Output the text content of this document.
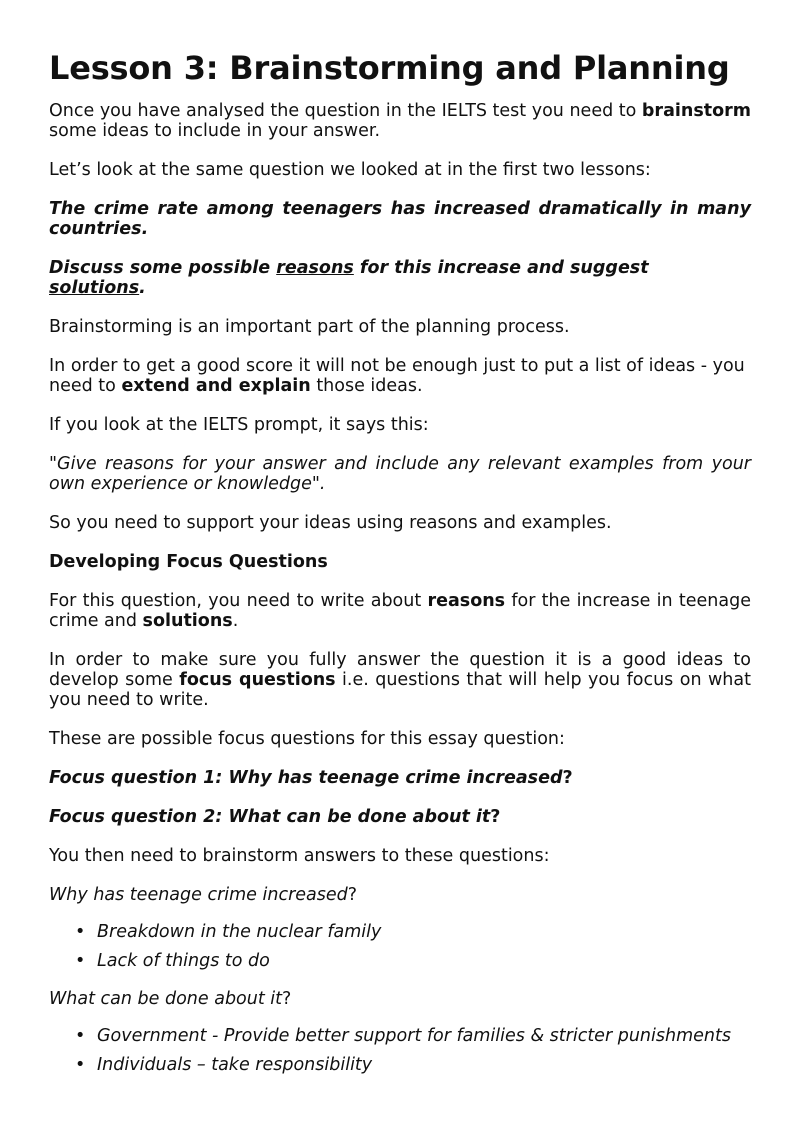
Lesson 3: Brainstorming and Planning

Once you have analysed the question in the IELTS test you need to brainstorm some ideas to include in your answer.

Let’s look at the same question we looked at in the first two lessons:

The crime rate among teenagers has increased dramatically in many countries.

Discuss some possible reasons for this increase and suggest solutions.

Brainstorming is an important part of the planning process.

In order to get a good score it will not be enough just to put a list of ideas - you need to extend and explain those ideas.

If you look at the IELTS prompt, it says this:

"Give reasons for your answer and include any relevant examples from your own experience or knowledge".

So you need to support your ideas using reasons and examples.

Developing Focus Questions

For this question, you need to write about reasons for the increase in teenage crime and solutions.

In order to make sure you fully answer the question it is a good ideas to develop some focus questions i.e. questions that will help you focus on what you need to write.

These are possible focus questions for this essay question:

Focus question 1: Why has teenage crime increased?

Focus question 2: What can be done about it?

You then need to brainstorm answers to these questions:

Why has teenage crime increased?

• Breakdown in the nuclear family
• Lack of things to do

What can be done about it?

• Government - Provide better support for families & stricter punishments
• Individuals – take responsibility
